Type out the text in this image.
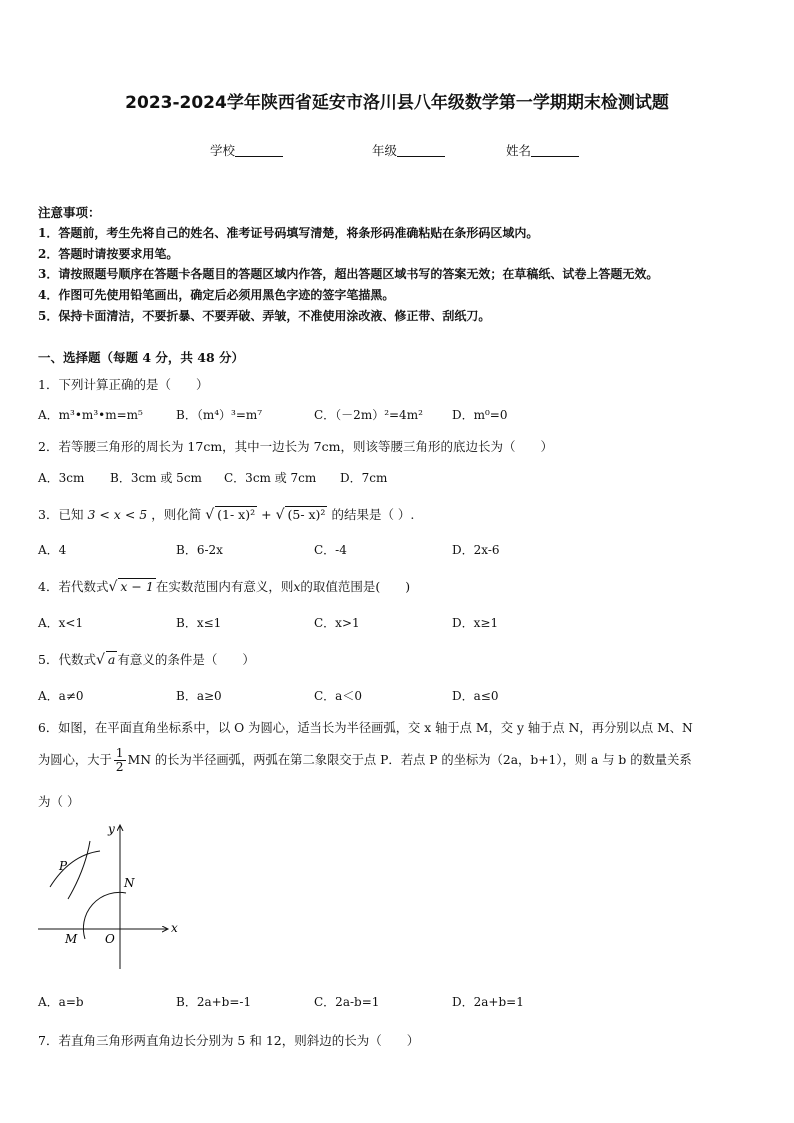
2023-2024学年陕西省延安市洛川县八年级数学第一学期期末检测试题
学校	年级	姓名
注意事项：
1．答题前，考生先将自己的姓名、准考证号码填写清楚，将条形码准确粘贴在条形码区域内。
2．答题时请按要求用笔。
3．请按照题号顺序在答题卡各题目的答题区域内作答，超出答题区域书写的答案无效；在草稿纸、试卷上答题无效。
4．作图可先使用铅笔画出，确定后必须用黑色字迹的签字笔描黑。
5．保持卡面清洁，不要折暴、不要弄破、弄皱，不准使用涂改液、修正带、刮纸刀。
一、选择题（每题 4 分，共 48 分）
1．下列计算正确的是（　　）
A．m³•m³•m=m⁵	B．（m⁴）³=m⁷	C．（－2m）²=4m² D．m⁰=0
2．若等腰三角形的周长为 17cm，其中一边长为 7cm，则该等腰三角形的底边长为（　　）
A．3cm B．3cm 或 5cm C．3cm 或 7cm D．7cm
3．已知 3 < x < 5 ，则化简 √ (1- x)² + √ (5- x)² 的结果是（ ）.
A．4	B．6-2x	C．-4	D．2x-6
4．若代数式√ x − 1 在实数范围内有意义，则x的取值范围是(　　)
A．x<1	B．x≤1	C．x>1	D．x≥1
5．代数式√ a 有意义的条件是（　　）
A．a≠0	B．a≥0	C．a＜0	D．a≤0
6．如图，在平面直角坐标系中，以 O 为圆心，适当长为半径画弧，交 x 轴于点 M，交 y 轴于点 N，再分别以点 M、N
为圆心，大于 $\frac{1}{2}$ MN 的长为半径画弧，两弧在第二象限交于点 P．若点 P 的坐标为（2a，b+1），则 a 与 b 的数量关系
为（ ）
y
x
P
N
M O
A．a=b	B．2a+b=-1	C．2a-b=1	D．2a+b=1
7．若直角三角形两直角边长分别为 5 和 12，则斜边的长为（　　）
